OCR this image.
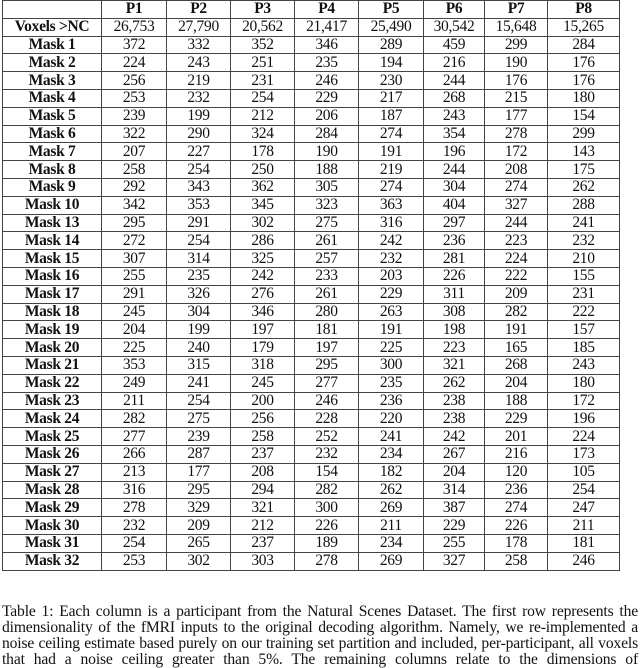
	P1	P2	P3	P4	P5	P6	P7	P8
Voxels >NC	26,753	27,790	20,562	21,417	25,490	30,542	15,648	15,265
Mask 1	372	332	352	346	289	459	299	284
Mask 2	224	243	251	235	194	216	190	176
Mask 3	256	219	231	246	230	244	176	176
Mask 4	253	232	254	229	217	268	215	180
Mask 5	239	199	212	206	187	243	177	154
Mask 6	322	290	324	284	274	354	278	299
Mask 7	207	227	178	190	191	196	172	143
Mask 8	258	254	250	188	219	244	208	175
Mask 9	292	343	362	305	274	304	274	262
Mask 10	342	353	345	323	363	404	327	288
Mask 13	295	291	302	275	316	297	244	241
Mask 14	272	254	286	261	242	236	223	232
Mask 15	307	314	325	257	232	281	224	210
Mask 16	255	235	242	233	203	226	222	155
Mask 17	291	326	276	261	229	311	209	231
Mask 18	245	304	346	280	263	308	282	222
Mask 19	204	199	197	181	191	198	191	157
Mask 20	225	240	179	197	225	223	165	185
Mask 21	353	315	318	295	300	321	268	243
Mask 22	249	241	245	277	235	262	204	180
Mask 23	211	254	200	246	236	238	188	172
Mask 24	282	275	256	228	220	238	229	196
Mask 25	277	239	258	252	241	242	201	224
Mask 26	266	287	237	232	234	267	216	173
Mask 27	213	177	208	154	182	204	120	105
Mask 28	316	295	294	282	262	314	236	254
Mask 29	278	329	321	300	269	387	274	247
Mask 30	232	209	212	226	211	229	226	211
Mask 31	254	265	237	189	234	255	178	181
Mask 32	253	302	303	278	269	327	258	246

Table 1: Each column is a participant from the Natural Scenes Dataset. The first row represents the dimensionality of the fMRI inputs to the original decoding algorithm. Namely, we re-implemented a noise ceiling estimate based purely on our training set partition and included, per-participant, all voxels that had a noise ceiling greater than 5%. The remaining columns relate to the dimensions of
